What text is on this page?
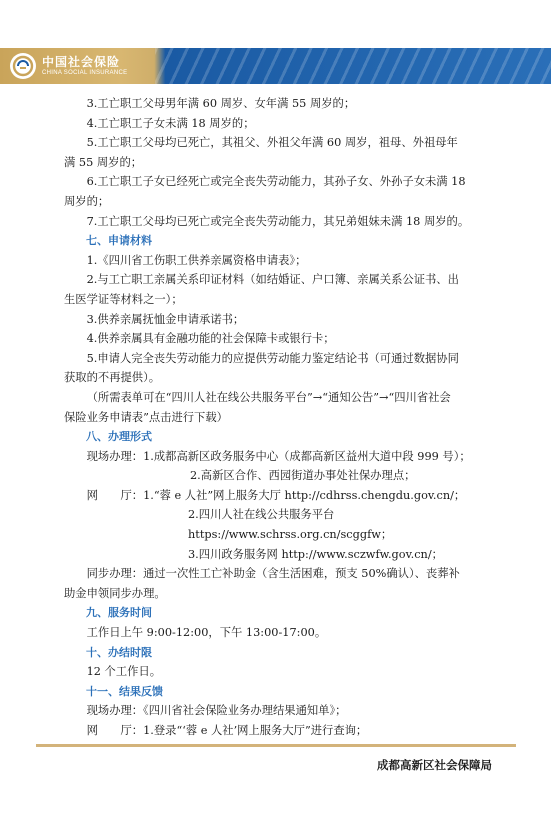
中国社会保险
CHINA SOCIAL INSURANCE

3.工亡职工父母男年满 60 周岁、女年满 55 周岁的；

4.工亡职工子女未满 18 周岁的；

5.工亡职工父母均已死亡，其祖父、外祖父年满 60 周岁，祖母、外祖母年

满 55 周岁的；

6.工亡职工子女已经死亡或完全丧失劳动能力，其孙子女、外孙子女未满 18

周岁的；

7.工亡职工父母均已死亡或完全丧失劳动能力，其兄弟姐妹未满 18 周岁的。

七、申请材料

1.《四川省工伤职工供养亲属资格申请表》；

2.与工亡职工亲属关系印证材料（如结婚证、户口簿、亲属关系公证书、出

生医学证等材料之一）；

3.供养亲属抚恤金申请承诺书；

4.供养亲属具有金融功能的社会保障卡或银行卡；

5.申请人完全丧失劳动能力的应提供劳动能力鉴定结论书（可通过数据协同

获取的不再提供）。

（所需表单可在“四川人社在线公共服务平台”→“通知公告”→“四川省社会

保险业务申请表”点击进行下载）

八、办理形式

现场办理：1.成都高新区政务服务中心（成都高新区益州大道中段 999 号）；

2.高新区合作、西园街道办事处社保办理点；

网　　厅：1.“蓉 e 人社”网上服务大厅 http://cdhrss.chengdu.gov.cn/；

2.四川人社在线公共服务平台 https://www.schrss.org.cn/scggfw；

3.四川政务服务网 http://www.sczwfw.gov.cn/；

同步办理：通过一次性工亡补助金（含生活困难，预支 50%确认）、丧葬补

助金申领同步办理。

九、服务时间

工作日上午 9:00-12:00，下午 13:00-17:00。

十、办结时限

12 个工作日。

十一、结果反馈

现场办理：《四川省社会保险业务办理结果通知单》；

网　　厅：1.登录“‘蓉 e 人社’网上服务大厅”进行查询；

成都高新区社会保障局
